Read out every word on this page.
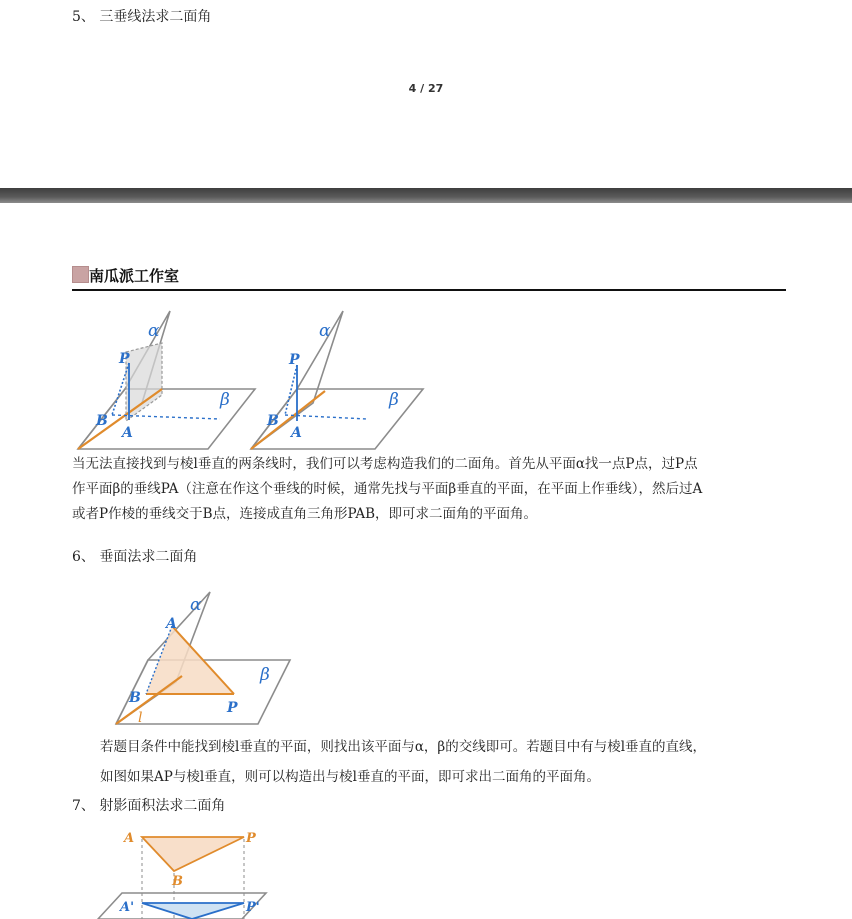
5、 三垂线法求二面角
4 / 27
南瓜派工作室
α
β
P
B
A
α
β
P
B
A
当无法直接找到与棱l垂直的两条线时，我们可以考虑构造我们的二面角。首先从平面α找一点P点，过P点
作平面β的垂线PA（注意在作这个垂线的时候，通常先找与平面β垂直的平面，在平面上作垂线），然后过A
或者P作棱的垂线交于B点，连接成直角三角形PAB，即可求二面角的平面角。
6、 垂面法求二面角
α
β
A
B
P
l
若题目条件中能找到棱l垂直的平面，则找出该平面与α，β的交线即可。若题目中有与棱l垂直的直线，
如图如果AP与棱l垂直，则可以构造出与棱l垂直的平面，即可求出二面角的平面角。
7、 射影面积法求二面角
A	P
B
A'	P'
